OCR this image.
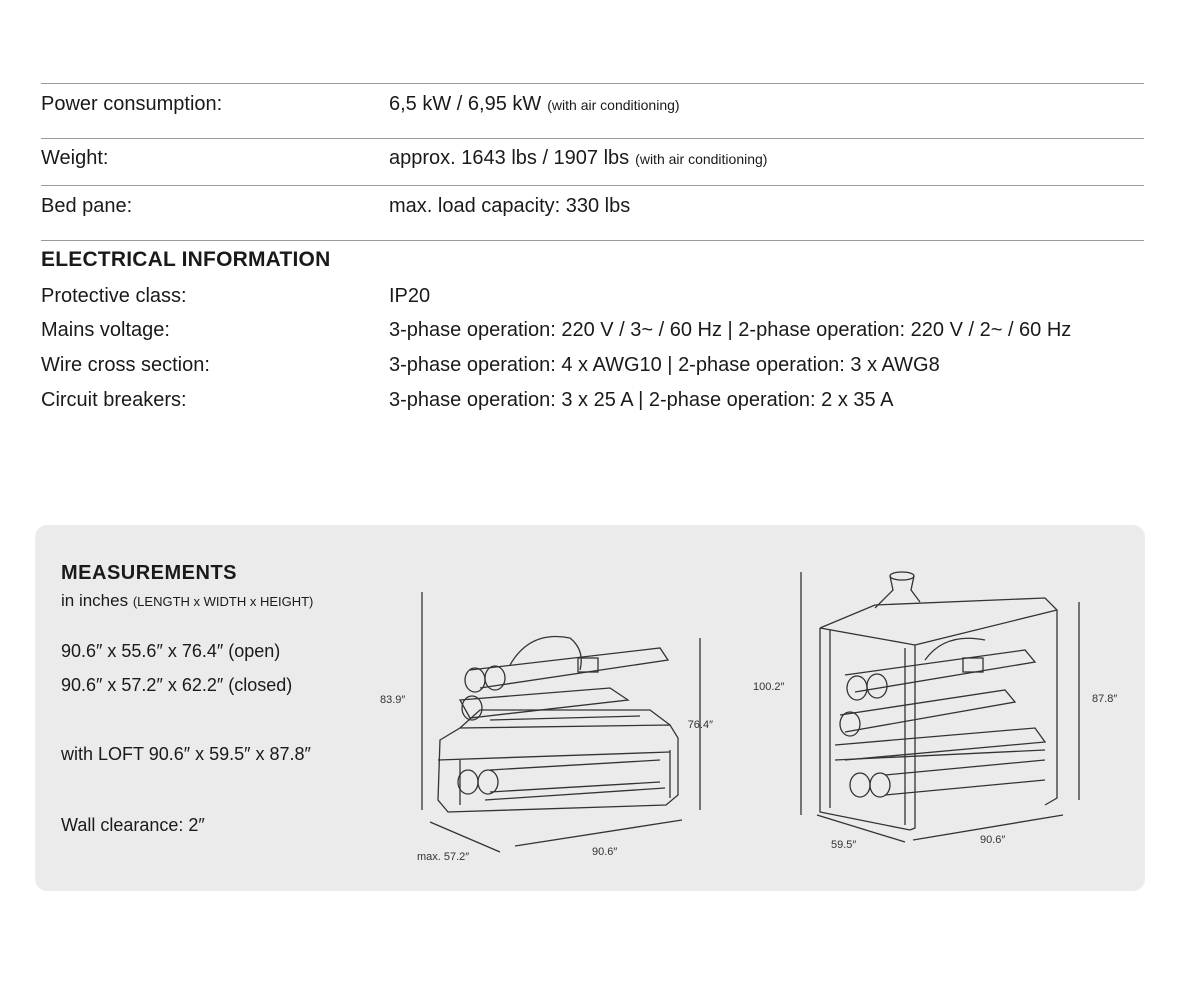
Power consumption:	6,5 kW / 6,95 kW (with air conditioning)
Weight:	approx. 1643 lbs / 1907 lbs (with air conditioning)
Bed pane:	max. load capacity: 330 lbs
ELECTRICAL INFORMATION
Protective class:	IP20
Mains voltage:	3-phase operation: 220 V / 3~ / 60 Hz | 2-phase operation: 220 V / 2~ / 60 Hz
Wire cross section:	3-phase operation: 4 x AWG10 | 2-phase operation: 3 x AWG8
Circuit breakers:	3-phase operation: 3 x 25 A | 2-phase operation: 2 x 35 A
MEASUREMENTS
in inches (LENGTH x WIDTH x HEIGHT)
90.6″ x 55.6″ x 76.4″ (open)
90.6″ x 57.2″ x 62.2″ (closed)
with LOFT 90.6″ x 59.5″ x 87.8″
Wall clearance: 2″
83.9″
76.4″
max. 57.2″	90.6″
100.2″
87.8″
59.5″	90.6″
